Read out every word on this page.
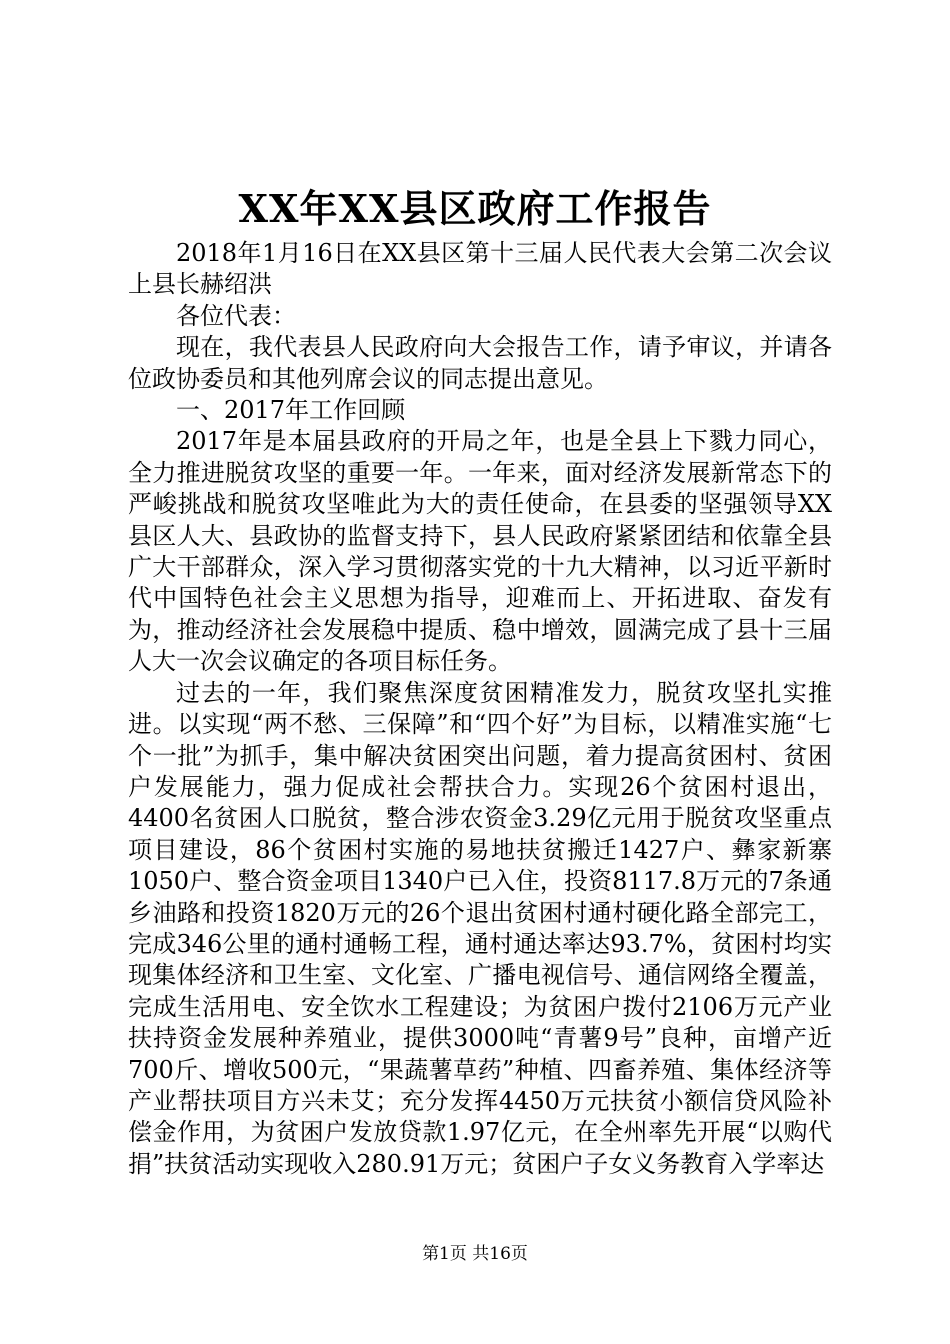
XX年XX县区政府工作报告

2018年1月16日在XX县区第十三届人民代表大会第二次会议上县长赫绍洪

各位代表：

现在，我代表县人民政府向大会报告工作，请予审议，并请各位政协委员和其他列席会议的同志提出意见。

一、2017年工作回顾

2017年是本届县政府的开局之年，也是全县上下戮力同心，全力推进脱贫攻坚的重要一年。一年来，面对经济发展新常态下的严峻挑战和脱贫攻坚唯此为大的责任使命，在县委的坚强领导XX县区人大、县政协的监督支持下，县人民政府紧紧团结和依靠全县广大干部群众，深入学习贯彻落实党的十九大精神，以习近平新时代中国特色社会主义思想为指导，迎难而上、开拓进取、奋发有为，推动经济社会发展稳中提质、稳中增效，圆满完成了县十三届人大一次会议确定的各项目标任务。

过去的一年，我们聚焦深度贫困精准发力，脱贫攻坚扎实推进。以实现“两不愁、三保障”和“四个好”为目标，以精准实施“七个一批”为抓手，集中解决贫困突出问题，着力提高贫困村、贫困户发展能力，强力促成社会帮扶合力。实现26个贫困村退出，4400名贫困人口脱贫，整合涉农资金3.29亿元用于脱贫攻坚重点项目建设，86个贫困村实施的易地扶贫搬迁1427户、彝家新寨1050户、整合资金项目1340户已入住，投资8117.8万元的7条通乡油路和投资1820万元的26个退出贫困村通村硬化路全部完工，完成346公里的通村通畅工程，通村通达率达93.7%，贫困村均实现集体经济和卫生室、文化室、广播电视信号、通信网络全覆盖，完成生活用电、安全饮水工程建设；为贫困户拨付2106万元产业扶持资金发展种养殖业，提供3000吨“青薯9号”良种，亩增产近700斤、增收500元，“果蔬薯草药”种植、四畜养殖、集体经济等产业帮扶项目方兴未艾；充分发挥4450万元扶贫小额信贷风险补偿金作用，为贫困户发放贷款1.97亿元，在全州率先开展“以购代捐”扶贫活动实现收入280.91万元；贫困户子女义务教育入学率达

第1页 共16页
